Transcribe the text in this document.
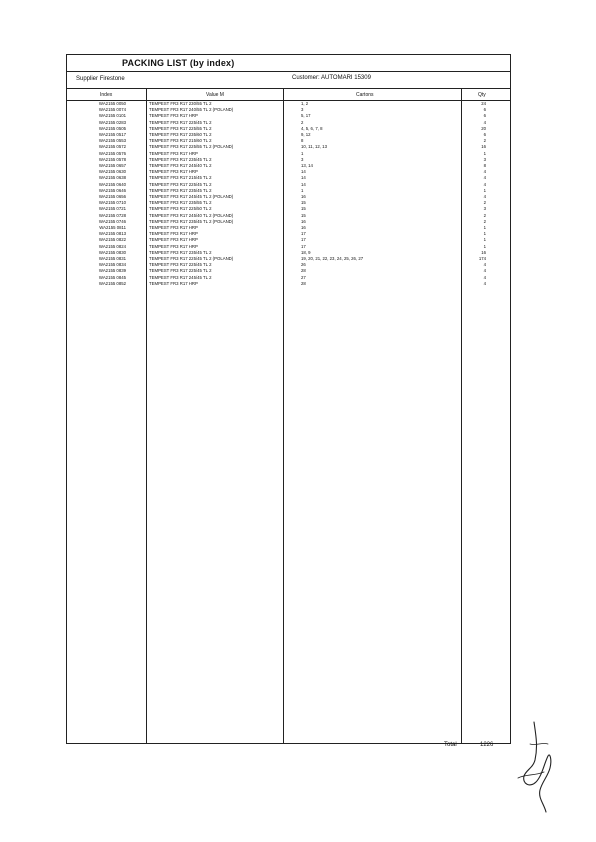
PACKING LIST (by index)
Supplier Firestone	Customer: AUTOMARI 15309
Index	Value M	Cartons	Qty
WA2155 0050	TEMPEST FR3 R17 230/55 TL 2	1, 2	24
WA2155 0074	TEMPEST FR3 R17 240/55 TL 2 (POLAND)	3	6
WA2155 0101	TEMPEST FR3 R17 HRP	5, 17	6
WA2155 0283	TEMPEST FR3 R17 225/45 TL 2	2	4
WA2155 0505	TEMPEST FR3 R17 225/55 TL 2	4, 5, 6, 7, 8	20
WA2155 0517	TEMPEST FR3 R17 235/60 TL 2	9, 12	6
WA2155 0553	TEMPEST FR3 R17 215/60 TL 2	8	2
WA2155 0572	TEMPEST FR3 R17 225/55 TL 2 (POLAND)	10, 11, 12, 13	16
WA2155 0576	TEMPEST FR3 R17 HRP	1	1
WA2155 0578	TEMPEST FR3 R17 235/45 TL 2	3	3
WA2155 0657	TEMPEST FR3 R17 245/40 TL 2	13, 14	8
WA2155 0630	TEMPEST FR3 R17 HRP	14	4
WA2155 0638	TEMPEST FR3 R17 215/45 TL 2	14	4
WA2155 0640	TEMPEST FR3 R17 225/45 TL 2	14	4
WA2155 0646	TEMPEST FR3 R17 235/45 TL 2	1	1
WA2155 0656	TEMPEST FR3 R17 245/45 TL 2 (POLAND)	16	4
WA2155 0710	TEMPEST FR3 R17 235/55 TL 2	15	2
WA2155 0721	TEMPEST FR3 R17 225/50 TL 2	15	3
WA2155 0728	TEMPEST FR3 R17 245/40 TL 2 (POLAND)	15	2
WA2155 0746	TEMPEST FR3 R17 235/45 TL 2 (POLAND)	16	2
WA2155 0811	TEMPEST FR3 R17 HRP	16	1
WA2155 0813	TEMPEST FR3 R17 HRP	17	1
WA2155 0822	TEMPEST FR3 R17 HRP	17	1
WA2155 0824	TEMPEST FR3 R17 HRP	17	1
WA2155 0830	TEMPEST FR3 R17 235/45 TL 2	18, 9	16
WA2155 0831	TEMPEST FR3 R17 225/45 TL 2 (POLAND)	19, 20, 21, 22, 23, 24, 25, 26, 27	174
WA2155 0834	TEMPEST FR3 R17 225/45 TL 2	26	4
WA2155 0839	TEMPEST FR3 R17 225/45 TL 2	28	4
WA2155 0845	TEMPEST FR3 R17 245/45 TL 2	27	4
WA2155 0852	TEMPEST FR3 R17 HRP	28	4
Total	1226
